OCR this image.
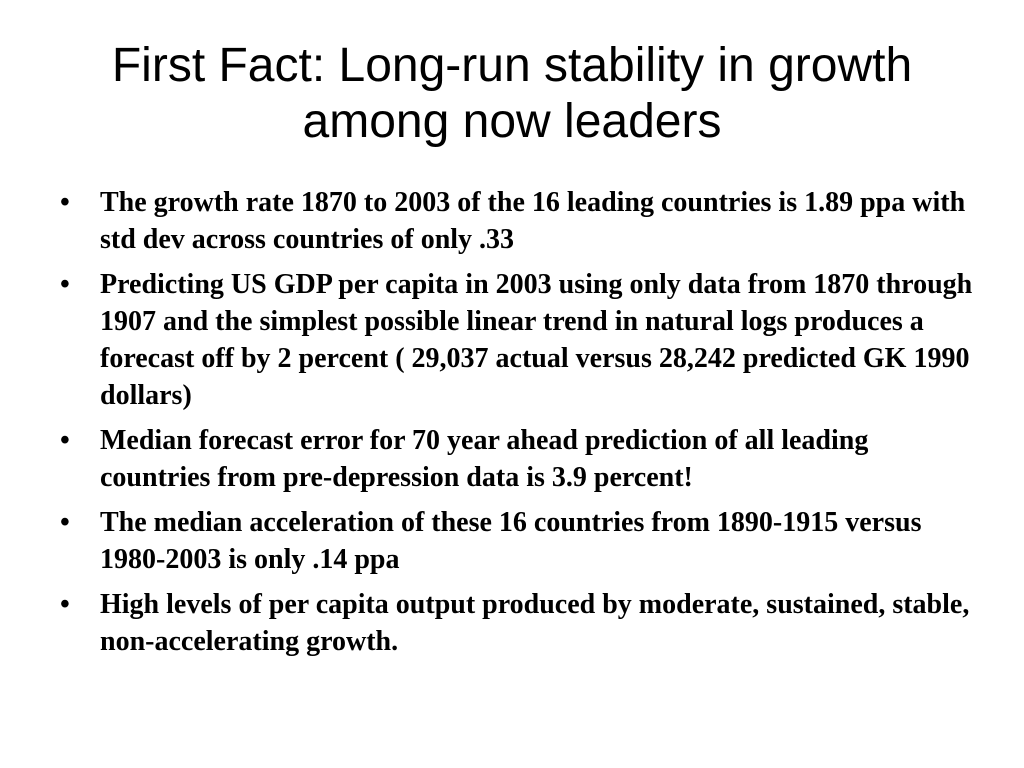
First Fact: Long-run stability in growth among now leaders
• The growth rate 1870 to 2003 of the 16 leading countries is 1.89 ppa with std dev across countries of only .33
• Predicting US GDP per capita in 2003 using only data from 1870 through 1907 and the simplest possible linear trend in natural logs produces a forecast off by 2 percent ( 29,037 actual versus 28,242 predicted GK 1990 dollars)
• Median forecast error for 70 year ahead prediction of all leading countries from pre-depression data is 3.9 percent!
• The median acceleration of these 16 countries from 1890-1915 versus 1980-2003 is only .14 ppa
• High levels of per capita output produced by moderate, sustained, stable, non-accelerating growth.
